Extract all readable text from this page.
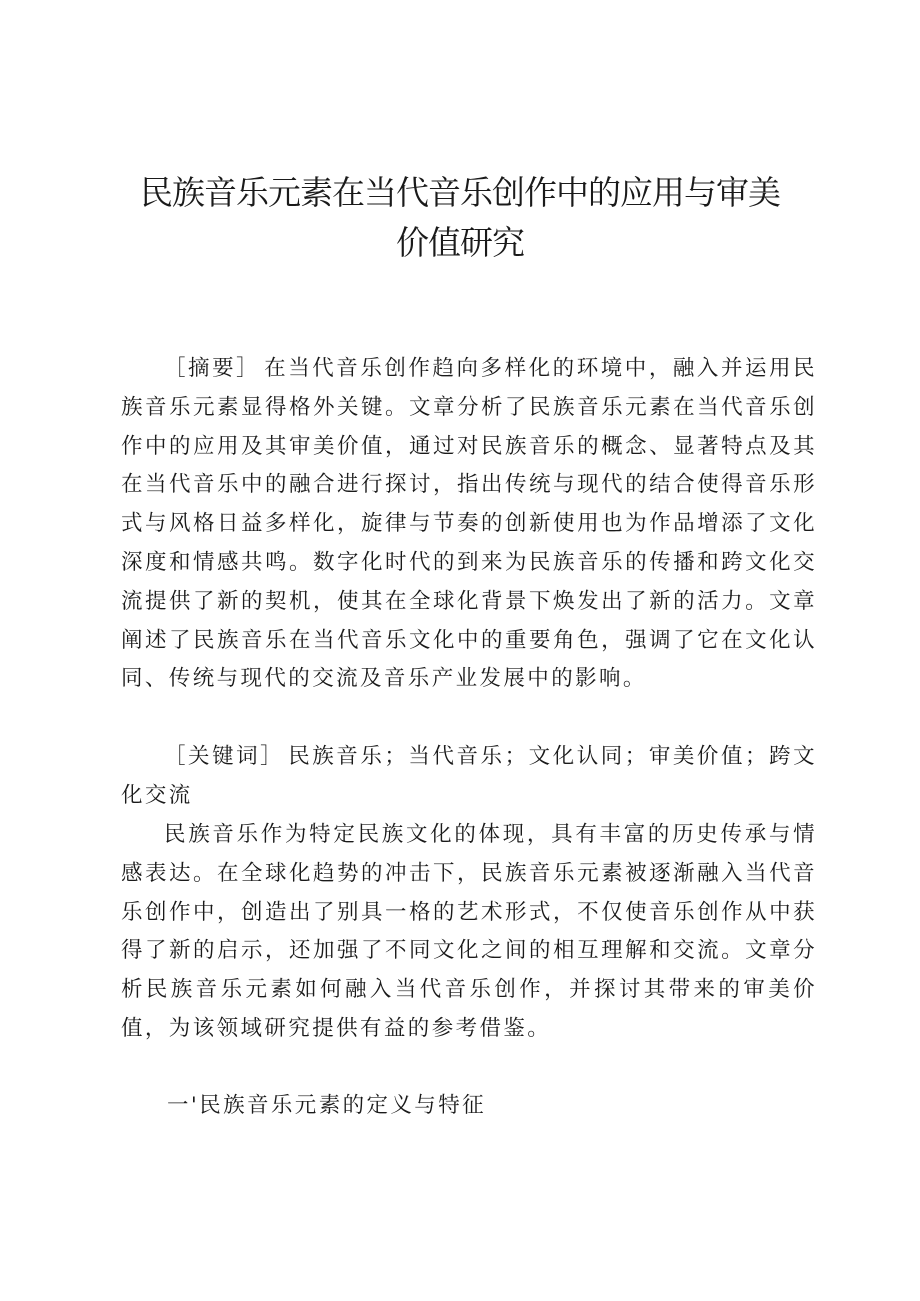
民族音乐元素在当代音乐创作中的应用与审美
价值研究

［摘要］ 在当代音乐创作趋向多样化的环境中，融入并运用民族音乐元素显得格外关键。文章分析了民族音乐元素在当代音乐创作中的应用及其审美价值，通过对民族音乐的概念、显著特点及其在当代音乐中的融合进行探讨，指出传统与现代的结合使得音乐形式与风格日益多样化，旋律与节奏的创新使用也为作品增添了文化深度和情感共鸣。数字化时代的到来为民族音乐的传播和跨文化交流提供了新的契机，使其在全球化背景下焕发出了新的活力。文章阐述了民族音乐在当代音乐文化中的重要角色，强调了它在文化认同、传统与现代的交流及音乐产业发展中的影响。

［关键词］ 民族音乐；当代音乐；文化认同；审美价值；跨文化交流

民族音乐作为特定民族文化的体现，具有丰富的历史传承与情感表达。在全球化趋势的冲击下，民族音乐元素被逐渐融入当代音乐创作中，创造出了别具一格的艺术形式，不仅使音乐创作从中获得了新的启示，还加强了不同文化之间的相互理解和交流。文章分析民族音乐元素如何融入当代音乐创作，并探讨其带来的审美价值，为该领域研究提供有益的参考借鉴。

一'民族音乐元素的定义与特征
